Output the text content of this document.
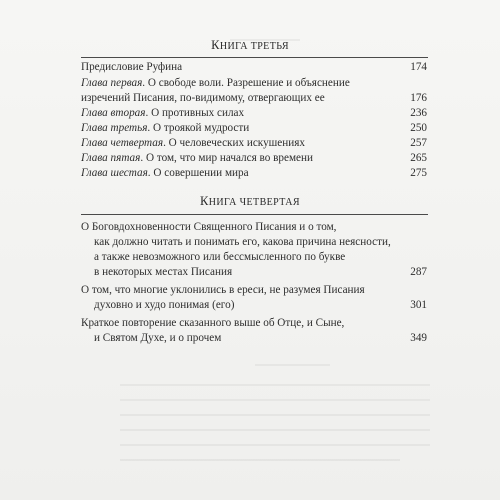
КНИГА ТРЕТЬЯ
Предисловие Руфина	174
Глава первая. О свободе воли. Разрешение и объяснение
изречений Писания, по-видимому, отвергающих ее	176
Глава вторая. О противных силах	236
Глава третья. О троякой мудрости	250
Глава четвертая. О человеческих искушениях	257
Глава пятая. О том, что мир начался во времени	265
Глава шестая. О совершении мира	275
КНИГА ЧЕТВЕРТАЯ
О Боговдохновенности Священного Писания и о том,
как должно читать и понимать его, какова причина неясности,
а также невозможного или бессмысленного по букве
в некоторых местах Писания	287
О том, что многие уклонились в ереси, не разумея Писания
духовно и худо понимая (его)	301
Краткое повторение сказанного выше об Отце, и Сыне,
и Святом Духе, и о прочем	349
